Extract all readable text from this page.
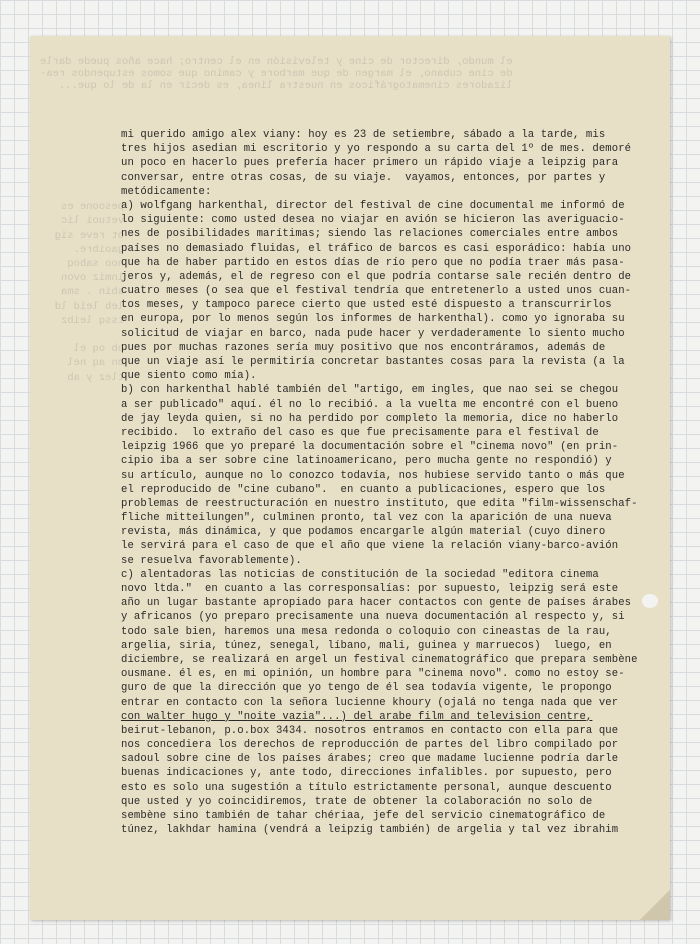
el mundo, director de cine y televisión en el centro; hace años puede darle
de cine cubano, el margen de que marbore y camino que somos estupendos rea-
lizadores cinematográficos en nuestra línea, es decir en la de lo que...

pesoone es
vetuoi lic
ot reve sig
gaoibre.
noo saboq
inmiz ovon
sbin . sma
leb leid ld
tssq leibz

ob oq el
on aq nel
tlez y ab

mi querido amigo alex viany: hoy es 23 de setiembre, sábado a la tarde, mis
tres hijos asedian mi escritorio y yo respondo a su carta del 1º de mes. demoré
un poco en hacerlo pues prefería hacer primero un rápido viaje a leipzig para
conversar, entre otras cosas, de su viaje.  vayamos, entonces, por partes y
metódicamente:
a) wolfgang harkenthal, director del festival de cine documental me informó de
lo siguiente: como usted desea no viajar en avión se hicieron las averiguacio-
nes de posibilidades marítimas; siendo las relaciones comerciales entre ambos
países no demasiado fluidas, el tráfico de barcos es casi esporádico: había uno
que ha de haber partido en estos días de río pero que no podía traer más pasa-
jeros y, además, el de regreso con el que podría contarse sale recién dentro de
cuatro meses (o sea que el festival tendría que entretenerlo a usted unos cuan-
tos meses, y tampoco parece cierto que usted esté dispuesto a transcurrirlos
en europa, por lo menos según los informes de harkenthal). como yo ignoraba su
solicitud de viajar en barco, nada pude hacer y verdaderamente lo siento mucho
pues por muchas razones sería muy positivo que nos encontráramos, además de
que un viaje así le permitiría concretar bastantes cosas para la revista (a la
que siento como mía).
b) con harkenthal hablé también del "artigo, em ingles, que nao sei se chegou
a ser publicado" aquí. él no lo recibió. a la vuelta me encontré con el bueno
de jay leyda quien, si no ha perdido por completo la memoria, dice no haberlo
recibido.  lo extraño del caso es que fue precisamente para el festival de
leipzig 1966 que yo preparé la documentación sobre el "cinema novo" (en prin-
cipio iba a ser sobre cine latinoamericano, pero mucha gente no respondió) y
su artículo, aunque no lo conozco todavía, nos hubiese servido tanto o más que
el reproducido de "cine cubano".  en cuanto a publicaciones, espero que los
problemas de reestructuración en nuestro instituto, que edita "film-wissenschaf-
fliche mitteilungen", culminen pronto, tal vez con la aparición de una nueva
revista, más dinámica, y que podamos encargarle algún material (cuyo dinero
le servirá para el caso de que el año que viene la relación viany-barco-avión
se resuelva favorablemente).
c) alentadoras las noticias de constitución de la sociedad "editora cinema
novo ltda."  en cuanto a las corresponsalías: por supuesto, leipzig será este
año un lugar bastante apropiado para hacer contactos con gente de países árabes
y africanos (yo preparo precisamente una nueva documentación al respecto y, si
todo sale bien, haremos una mesa redonda o coloquio con cineastas de la rau,
argelia, siria, túnez, senegal, líbano, mali, guinea y marruecos)  luego, en
diciembre, se realizará en argel un festival cinematográfico que prepara sembène
ousmane. él es, en mi opinión, un hombre para "cinema novo". como no estoy se-
guro de que la dirección que yo tengo de él sea todavía vigente, le propongo
entrar en contacto con la señora lucienne khoury (ojalá no tenga nada que ver
con walter hugo y "noite vazia"...) del arabe film and television centre,
beirut-lebanon, p.o.box 3434. nosotros entramos en contacto con ella para que
nos concediera los derechos de reproducción de partes del libro compilado por
sadoul sobre cine de los países árabes; creo que madame lucienne podría darle
buenas indicaciones y, ante todo, direcciones infalibles. por supuesto, pero
esto es solo una sugestión a título estrictamente personal, aunque descuento
que usted y yo coincidiremos, trate de obtener la colaboración no solo de
sembène sino también de tahar chériaa, jefe del servicio cinematográfico de
túnez, lakhdar hamina (vendrá a leipzig también) de argelia y tal vez ibrahim
